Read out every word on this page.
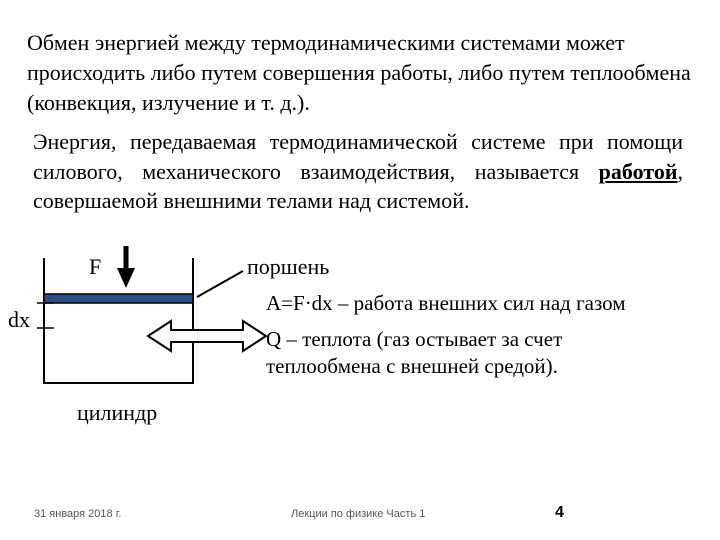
Обмен энергией между термодинамическими системами может происходить либо путем совершения работы, либо путем теплообмена (конвекция, излучение и т. д.).
Энергия, передаваемая термодинамической системе при помощи силового, механического взаимодействия, называется работой, совершаемой внешними телами над системой.
F	поршень
dx
цилиндр
A=F·dx – работа внешних сил над газом
Q – теплота (газ остывает за счет теплообмена с внешней средой).
31 января 2018 г.	Лекции по физике Часть 1	4
